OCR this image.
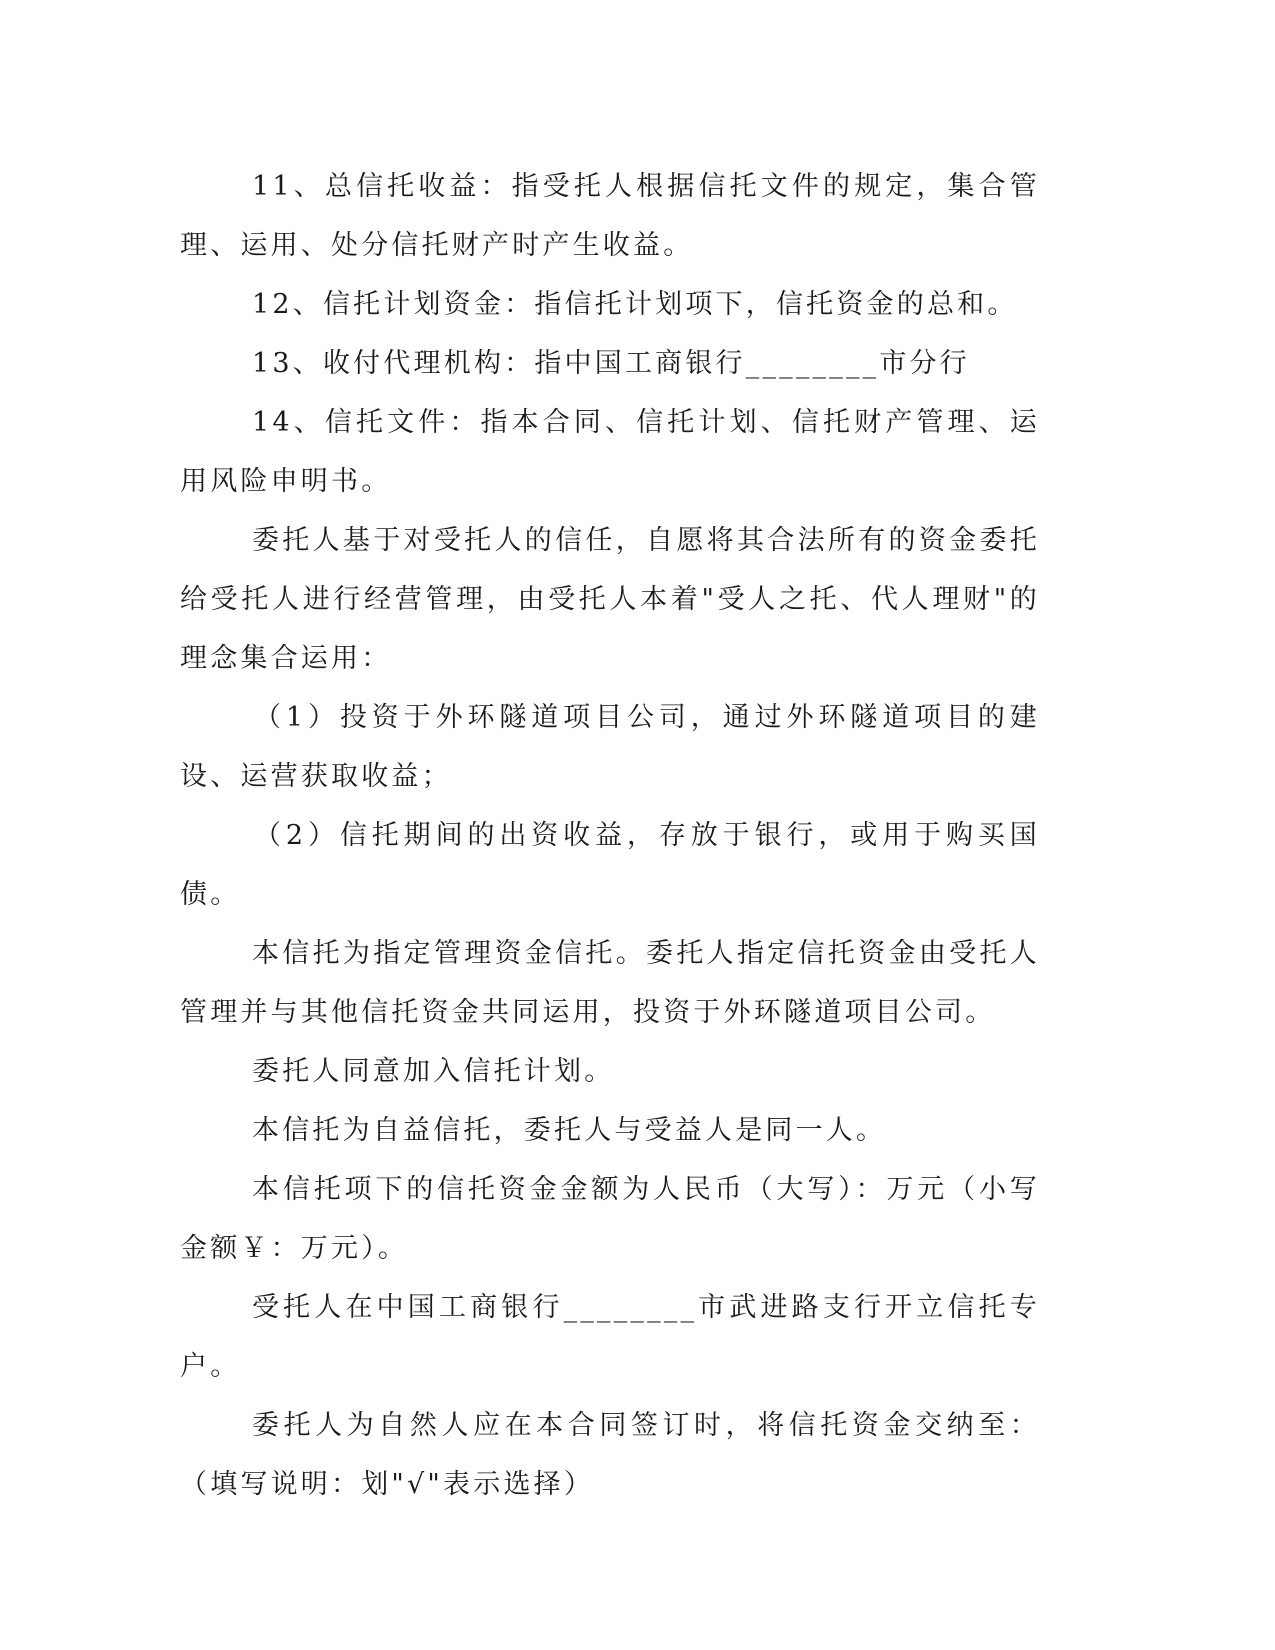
11、总信托收益：指受托人根据信托文件的规定，集合管理、运用、处分信托财产时产生收益。

12、信托计划资金：指信托计划项下，信托资金的总和。

13、收付代理机构：指中国工商银行________市分行

14、信托文件：指本合同、信托计划、信托财产管理、运用风险申明书。

委托人基于对受托人的信任，自愿将其合法所有的资金委托给受托人进行经营管理，由受托人本着"受人之托、代人理财"的理念集合运用：

（1）投资于外环隧道项目公司，通过外环隧道项目的建设、运营获取收益；

（2）信托期间的出资收益，存放于银行，或用于购买国债。

本信托为指定管理资金信托。委托人指定信托资金由受托人管理并与其他信托资金共同运用，投资于外环隧道项目公司。

委托人同意加入信托计划。

本信托为自益信托，委托人与受益人是同一人。

本信托项下的信托资金金额为人民币（大写）：万元（小写金额￥：万元）。

受托人在中国工商银行________市武进路支行开立信托专户。

委托人为自然人应在本合同签订时，将信托资金交纳至：（填写说明：划"√"表示选择）
